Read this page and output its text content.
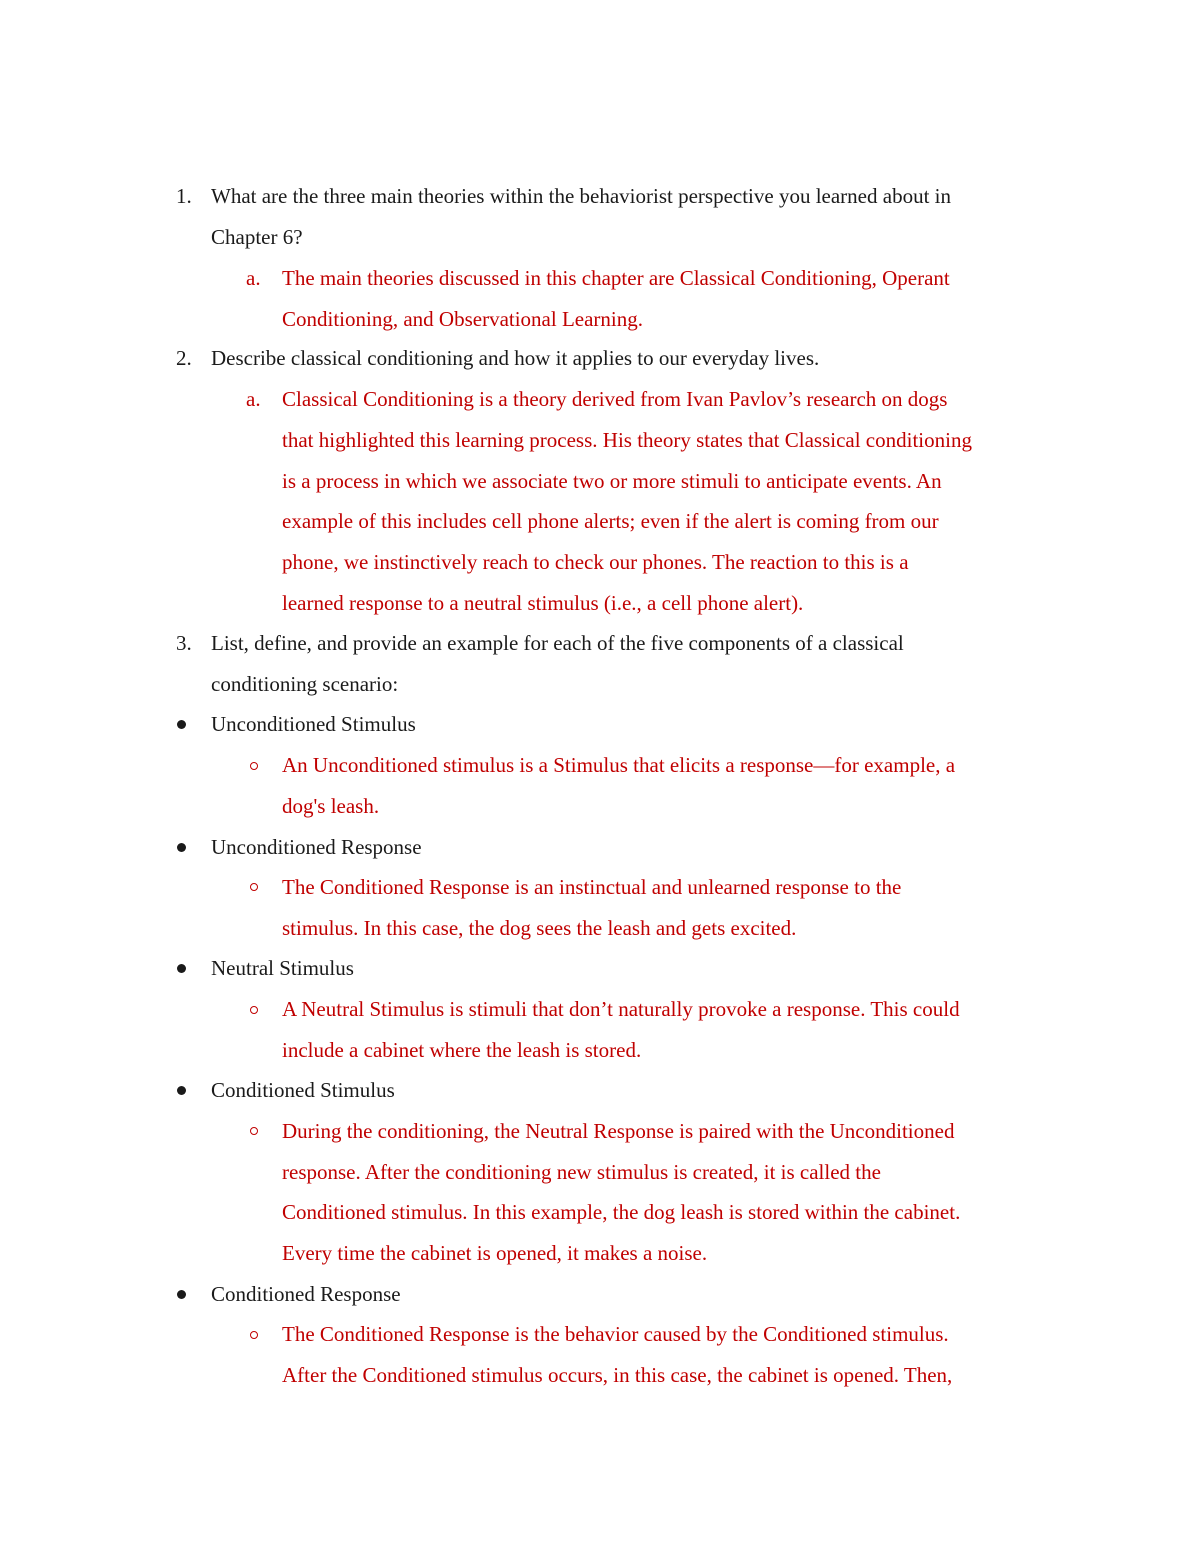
1. What are the three main theories within the behaviorist perspective you learned about in
Chapter 6?
a. The main theories discussed in this chapter are Classical Conditioning, Operant
Conditioning, and Observational Learning.
2. Describe classical conditioning and how it applies to our everyday lives.
a. Classical Conditioning is a theory derived from Ivan Pavlov’s research on dogs
that highlighted this learning process. His theory states that Classical conditioning
is a process in which we associate two or more stimuli to anticipate events. An
example of this includes cell phone alerts; even if the alert is coming from our
phone, we instinctively reach to check our phones. The reaction to this is a
learned response to a neutral stimulus (i.e., a cell phone alert).
3. List, define, and provide an example for each of the five components of a classical
conditioning scenario:
Unconditioned Stimulus
An Unconditioned stimulus is a Stimulus that elicits a response—for example, a
dog's leash.
Unconditioned Response
The Conditioned Response is an instinctual and unlearned response to the
stimulus. In this case, the dog sees the leash and gets excited.
Neutral Stimulus
A Neutral Stimulus is stimuli that don’t naturally provoke a response. This could
include a cabinet where the leash is stored.
Conditioned Stimulus
During the conditioning, the Neutral Response is paired with the Unconditioned
response. After the conditioning new stimulus is created, it is called the
Conditioned stimulus. In this example, the dog leash is stored within the cabinet.
Every time the cabinet is opened, it makes a noise.
Conditioned Response
The Conditioned Response is the behavior caused by the Conditioned stimulus.
After the Conditioned stimulus occurs, in this case, the cabinet is opened. Then,
